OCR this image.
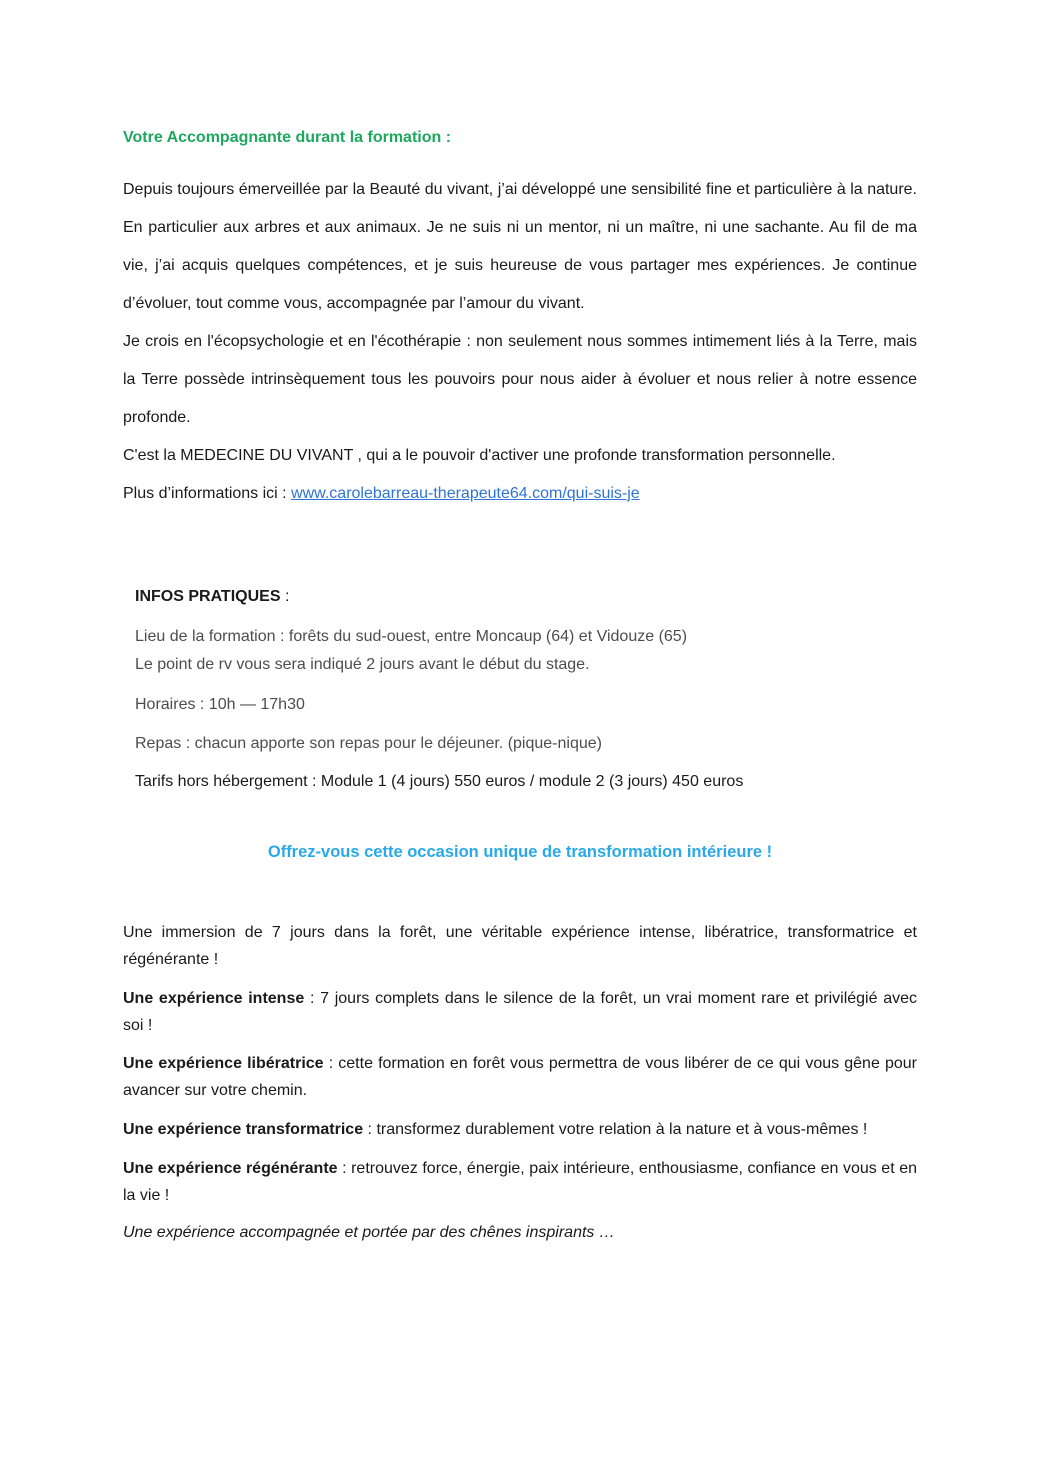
Votre Accompagnante durant la formation :

Depuis toujours émerveillée par la Beauté du vivant, j’ai développé une sensibilité fine et particulière à la nature. En particulier aux arbres et aux animaux. Je ne suis ni un mentor, ni un maître, ni une sachante. Au fil de ma vie, j’ai acquis quelques compétences, et je suis heureuse de vous partager mes expériences. Je continue d’évoluer, tout comme vous, accompagnée par l’amour du vivant.

Je crois en l'écopsychologie et en l'écothérapie : non seulement nous sommes intimement liés à la Terre, mais la Terre possède intrinsèquement tous les pouvoirs pour nous aider à évoluer et nous relier à notre essence profonde.

C'est la MEDECINE DU VIVANT , qui a le pouvoir d'activer une profonde transformation personnelle.

Plus d’informations ici : www.carolebarreau-therapeute64.com/qui-suis-je

INFOS PRATIQUES :
Lieu de la formation : forêts du sud-ouest, entre Moncaup (64) et Vidouze (65)
Le point de rv vous sera indiqué 2 jours avant le début du stage.
Horaires : 10h — 17h30
Repas : chacun apporte son repas pour le déjeuner. (pique-nique)
Tarifs hors hébergement : Module 1 (4 jours) 550 euros / module 2 (3 jours) 450 euros
Offrez-vous cette occasion unique de transformation intérieure !

Une immersion de 7 jours dans la forêt, une véritable expérience intense, libératrice, transformatrice et régénérante !

Une expérience intense : 7 jours complets dans le silence de la forêt, un vrai moment rare et privilégié avec soi !

Une expérience libératrice : cette formation en forêt vous permettra de vous libérer de ce qui vous gêne pour avancer sur votre chemin.

Une expérience transformatrice : transformez durablement votre relation à la nature et à vous-mêmes !

Une expérience régénérante : retrouvez force, énergie, paix intérieure, enthousiasme, confiance en vous et en la vie !

Une expérience accompagnée et portée par des chênes inspirants …
